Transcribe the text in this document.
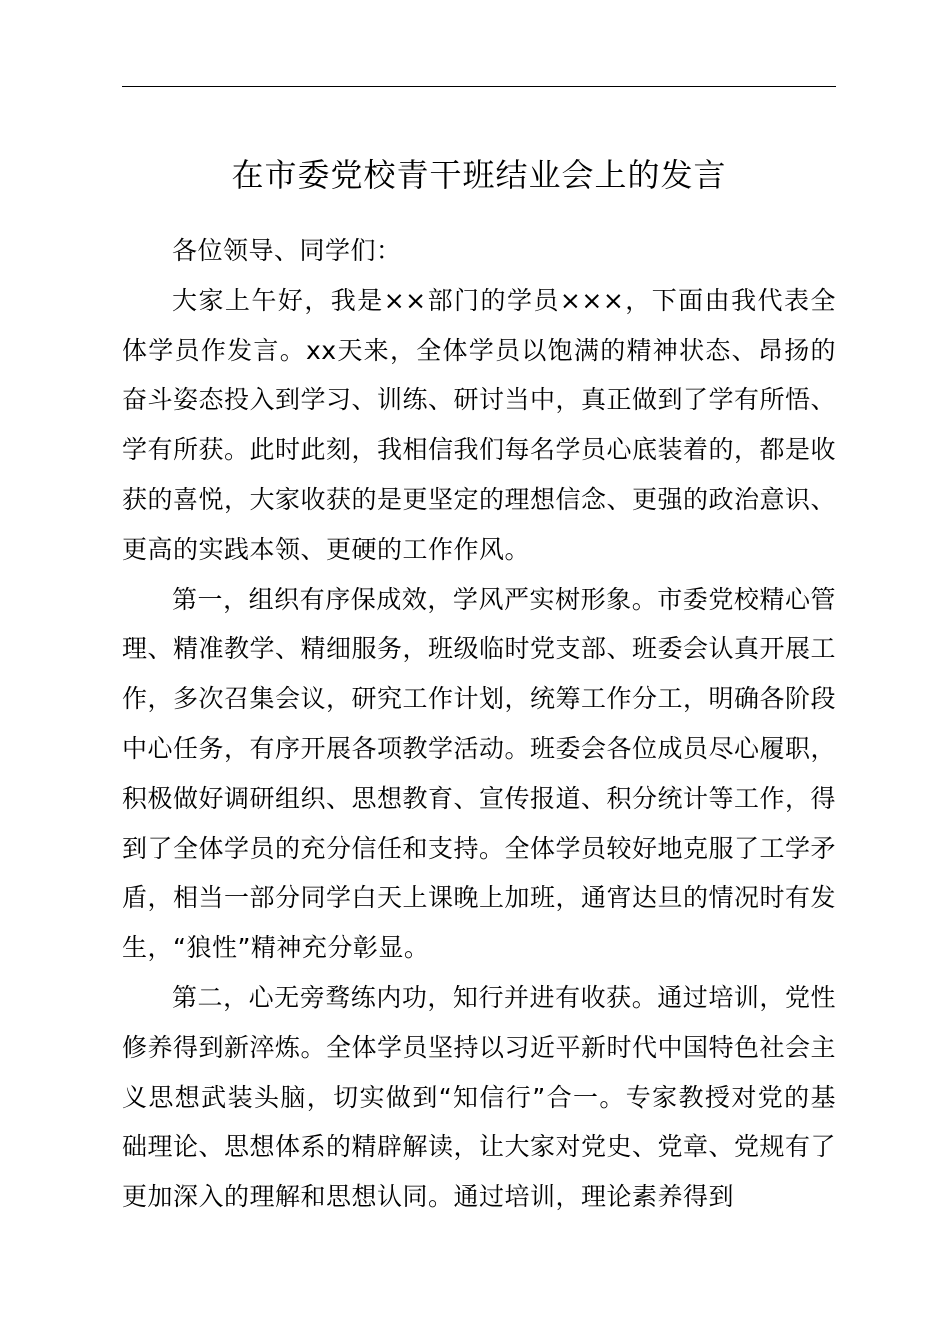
在市委党校青干班结业会上的发言

各位领导、同学们：

大家上午好，我是××部门的学员×××，下面由我代表全体学员作发言。xx天来，全体学员以饱满的精神状态、昂扬的奋斗姿态投入到学习、训练、研讨当中，真正做到了学有所悟、学有所获。此时此刻，我相信我们每名学员心底装着的，都是收获的喜悦，大家收获的是更坚定的理想信念、更强的政治意识、更高的实践本领、更硬的工作作风。

第一，组织有序保成效，学风严实树形象。市委党校精心管理、精准教学、精细服务，班级临时党支部、班委会认真开展工作，多次召集会议，研究工作计划，统筹工作分工，明确各阶段中心任务，有序开展各项教学活动。班委会各位成员尽心履职，积极做好调研组织、思想教育、宣传报道、积分统计等工作，得到了全体学员的充分信任和支持。全体学员较好地克服了工学矛盾，相当一部分同学白天上课晚上加班，通宵达旦的情况时有发生，“狼性”精神充分彰显。

第二，心无旁骛练内功，知行并进有收获。通过培训，党性修养得到新淬炼。全体学员坚持以习近平新时代中国特色社会主义思想武装头脑，切实做到“知信行”合一。专家教授对党的基础理论、思想体系的精辟解读，让大家对党史、党章、党规有了更加深入的理解和思想认同。通过培训，理论素养得到
